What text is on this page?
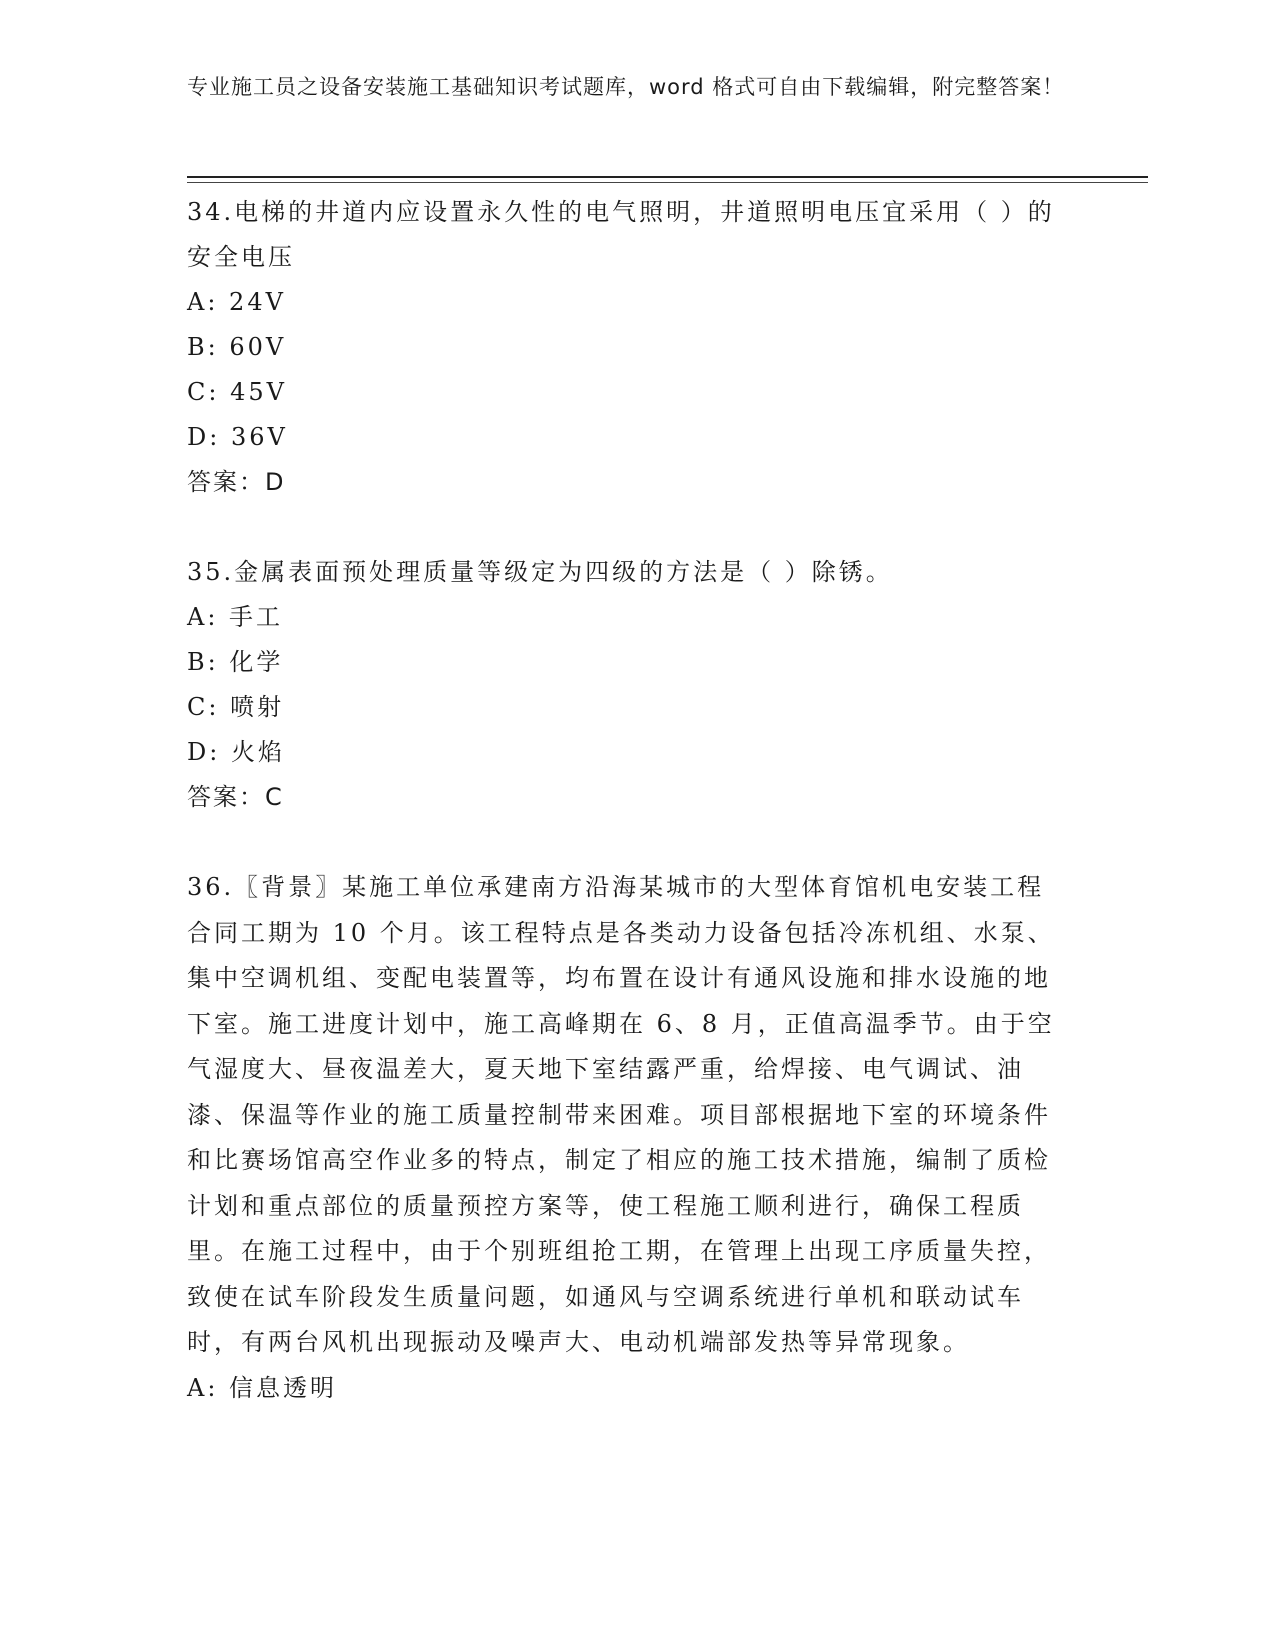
专业施工员之设备安装施工基础知识考试题库，word 格式可自由下载编辑，附完整答案！
34.电梯的井道内应设置永久性的电气照明，井道照明电压宜采用（ ）的安全电压
A: 24V
B: 60V
C: 45V
D: 36V
答案：D
35.金属表面预处理质量等级定为四级的方法是（ ）除锈。
A: 手工
B: 化学
C: 喷射
D: 火焰
答案：C
36.〖背景〗某施工单位承建南方沿海某城市的大型体育馆机电安装工程合同工期为 10 个月。该工程特点是各类动力设备包括冷冻机组、水泵、集中空调机组、变配电装置等，均布置在设计有通风设施和排水设施的地下室。施工进度计划中，施工高峰期在 6、8 月，正值高温季节。由于空气湿度大、昼夜温差大，夏天地下室结露严重，给焊接、电气调试、油漆、保温等作业的施工质量控制带来困难。项目部根据地下室的环境条件和比赛场馆高空作业多的特点，制定了相应的施工技术措施，编制了质检计划和重点部位的质量预控方案等，使工程施工顺利进行，确保工程质里。在施工过程中，由于个别班组抢工期，在管理上出现工序质量失控，致使在试车阶段发生质量问题，如通风与空调系统进行单机和联动试车时，有两台风机出现振动及噪声大、电动机端部发热等异常现象。
A: 信息透明
